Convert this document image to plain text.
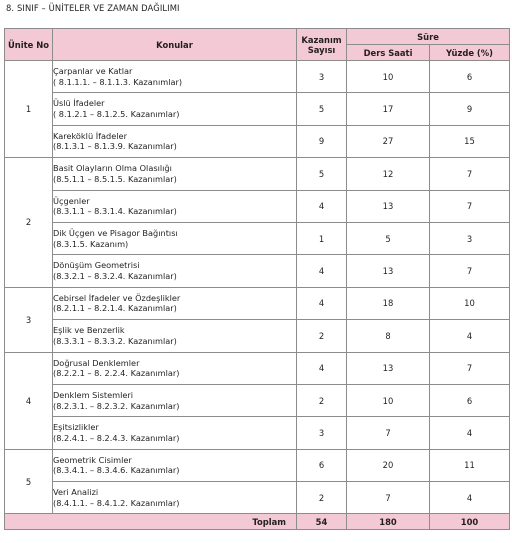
8. SINIF – ÜNİTELER VE ZAMAN DAĞILIMI
Ünite No	Konular	Kazanım Sayısı	Süre	
			Ders Saati	Yüzde (%)
1	Çarpanlar ve Katlar
( 8.1.1.1. – 8.1.1.3. Kazanımlar)	3	10	6

	Üslü İfadeler
( 8.1.2.1 – 8.1.2.5. Kazanımlar)	5	17	9

	Kareköklü İfadeler
(8.1.3.1 – 8.1.3.9. Kazanımlar)	9	27	15
2	Basit Olayların Olma Olasılığı
(8.5.1.1 – 8.5.1.5. Kazanımlar)	5	12	7

	Üçgenler
(8.3.1.1 – 8.3.1.4. Kazanımlar)	4	13	7

	Dik Üçgen ve Pisagor Bağıntısı
(8.3.1.5. Kazanım)	1	5	3

	Dönüşüm Geometrisi
(8.3.2.1 – 8.3.2.4. Kazanımlar)	4	13	7
3	Cebirsel İfadeler ve Özdeşlikler
(8.2.1.1 – 8.2.1.4. Kazanımlar)	4	18	10

	Eşlik ve Benzerlik
(8.3.3.1 – 8.3.3.2. Kazanımlar)	2	8	4
4	Doğrusal Denklemler
(8.2.2.1 – 8. 2.2.4. Kazanımlar)	4	13	7

	Denklem Sistemleri
(8.2.3.1. – 8.2.3.2. Kazanımlar)	2	10	6

	Eşitsizlikler
(8.2.4.1. – 8.2.4.3. Kazanımlar)	3	7	4
5	Geometrik Cisimler
(8.3.4.1. – 8.3.4.6. Kazanımlar)	6	20	11

	Veri Analizi
(8.4.1.1. – 8.4.1.2. Kazanımlar)	2	7	4
Toplam		54	180	100
